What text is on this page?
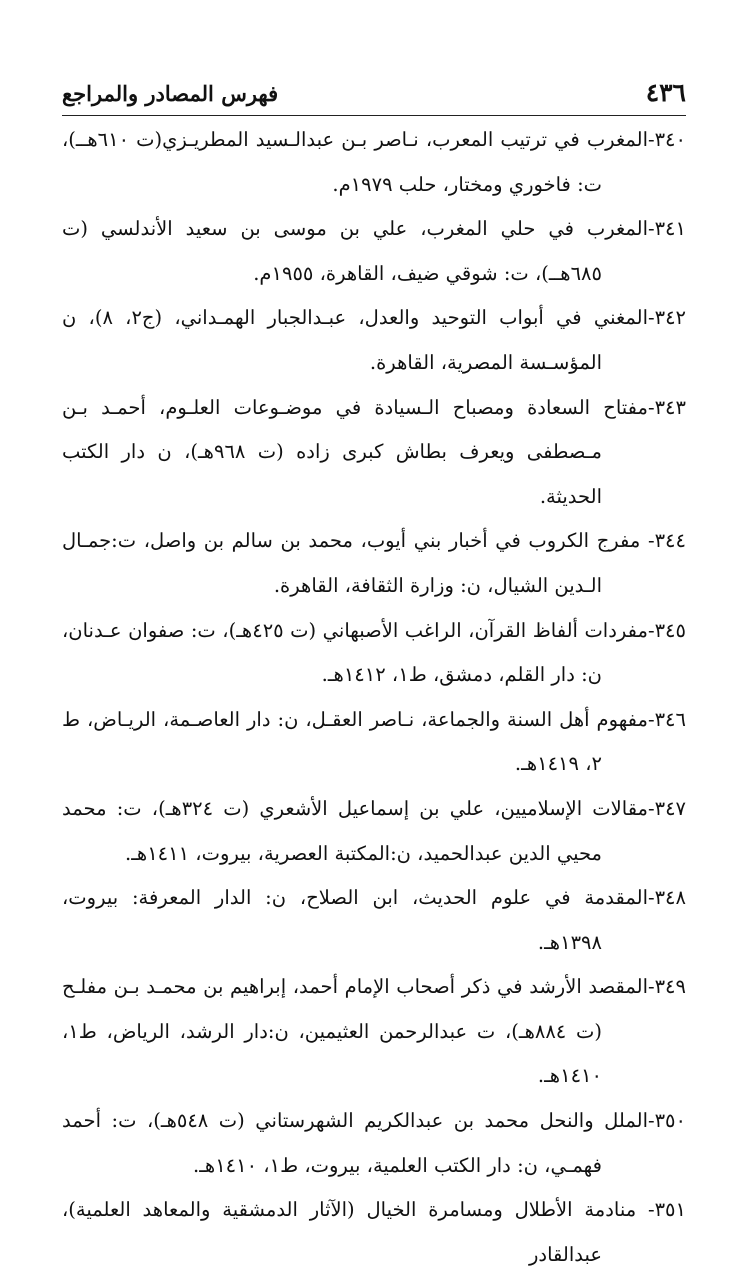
٤٣٦
فهرس المصادر والمراجع
٣٤٠-المغرب في ترتيب المعرب، نـاصر بـن عبدالـسيد المطريـزي(ت ٦١٠هــ)، ت: فاخوري ومختار، حلب ١٩٧٩م.
٣٤١-المغرب في حلي المغرب، علي بن موسى بن سعيد الأندلسي (ت ٦٨٥هــ)، ت: شوقي ضيف، القاهرة، ١٩٥٥م.
٣٤٢-المغني في أبواب التوحيد والعدل، عبـدالجبار الهمـداني، (ج٢، ٨)، ن المؤسـسة المصرية، القاهرة.
٣٤٣-مفتاح السعادة ومصباح الـسيادة في موضـوعات العلـوم، أحمـد بـن مـصطفى ويعرف بطاش كبرى زاده (ت ٩٦٨هـ)، ن دار الكتب الحديثة.
٣٤٤- مفرج الكروب في أخبار بني أيوب، محمد بن سالم بن واصل، ت:جمـال الـدين الشيال، ن: وزارة الثقافة، القاهرة.
٣٤٥-مفردات ألفاظ القرآن، الراغب الأصبهاني (ت ٤٢٥هـ)، ت: صفوان عـدنان، ن: دار القلم، دمشق، ط١، ١٤١٢هـ.
٣٤٦-مفهوم أهل السنة والجماعة، نـاصر العقـل، ن: دار العاصـمة، الريـاض، ط ٢، ١٤١٩هـ.
٣٤٧-مقالات الإسلاميين، علي بن إسماعيل الأشعري (ت ٣٢٤هـ)، ت: محمد محيي الدين عبدالحميد، ن:المكتبة العصرية، بيروت، ١٤١١هـ.
٣٤٨-المقدمة في علوم الحديث، ابن الصلاح، ن: الدار المعرفة: بيروت، ١٣٩٨هـ.
٣٤٩-المقصد الأرشد في ذكر أصحاب الإمام أحمد، إبراهيم بن محمـد بـن مفلـح (ت ٨٨٤هـ)، ت عبدالرحمن العثيمين، ن:دار الرشد، الرياض، ط١، ١٤١٠هـ.
٣٥٠-الملل والنحل محمد بن عبدالكريم الشهرستاني (ت ٥٤٨هـ)، ت: أحمد فهمـي، ن: دار الكتب العلمية، بيروت، ط١، ١٤١٠هـ.
٣٥١- منادمة الأطلال ومسامرة الخيال (الآثار الدمشقية والمعاهد العلمية)، عبدالقادر
